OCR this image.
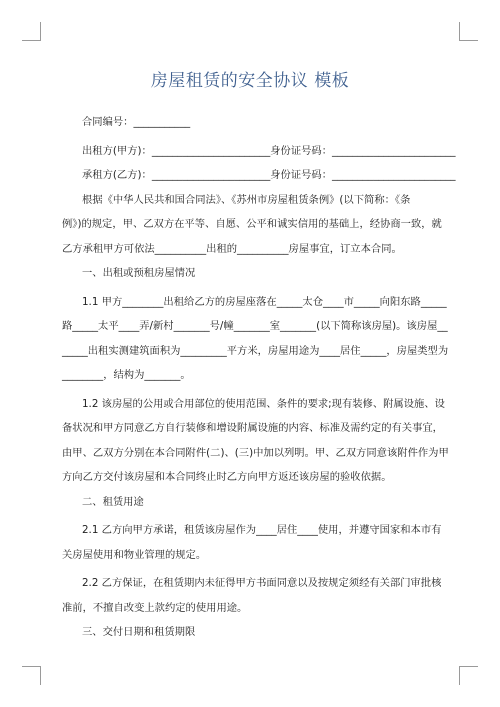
房屋租赁的安全协议 模板
合同编号：___________
出租方(甲方)：_______________________身份证号码：________________________
承租方(乙方)：_______________________身份证号码：________________________
根据《中华人民共和国合同法》、《苏州市房屋租赁条例》(以下简称：《条
例》)的规定，甲、乙双方在平等、自愿、公平和诚实信用的基础上，经协商一致，就
乙方承租甲方可依法__________出租的__________房屋事宜，订立本合同。
一、出租或预租房屋情况
1.1 甲方________出租给乙方的房屋座落在_____太仓____市_____向阳东路_____
路_____太平____弄/新村_______号/幢_______室_______(以下简称该房屋)。该房屋__
_____出租实测建筑面积为_________平方米，房屋用途为____居住_____，房屋类型为
________，结构为_______。
1.2 该房屋的公用或合用部位的使用范围、条件的要求;现有装修、附属设施、设
备状况和甲方同意乙方自行装修和增设附属设施的内容、标准及需约定的有关事宜，
由甲、乙双方分别在本合同附件(二)、(三)中加以列明。甲、乙双方同意该附件作为甲
方向乙方交付该房屋和本合同终止时乙方向甲方返还该房屋的验收依据。
二、租赁用途
2.1 乙方向甲方承诺，租赁该房屋作为____居住____使用，并遵守国家和本市有
关房屋使用和物业管理的规定。
2.2 乙方保证，在租赁期内未征得甲方书面同意以及按规定须经有关部门审批核
准前，不擅自改变上款约定的使用用途。
三、交付日期和租赁期限
